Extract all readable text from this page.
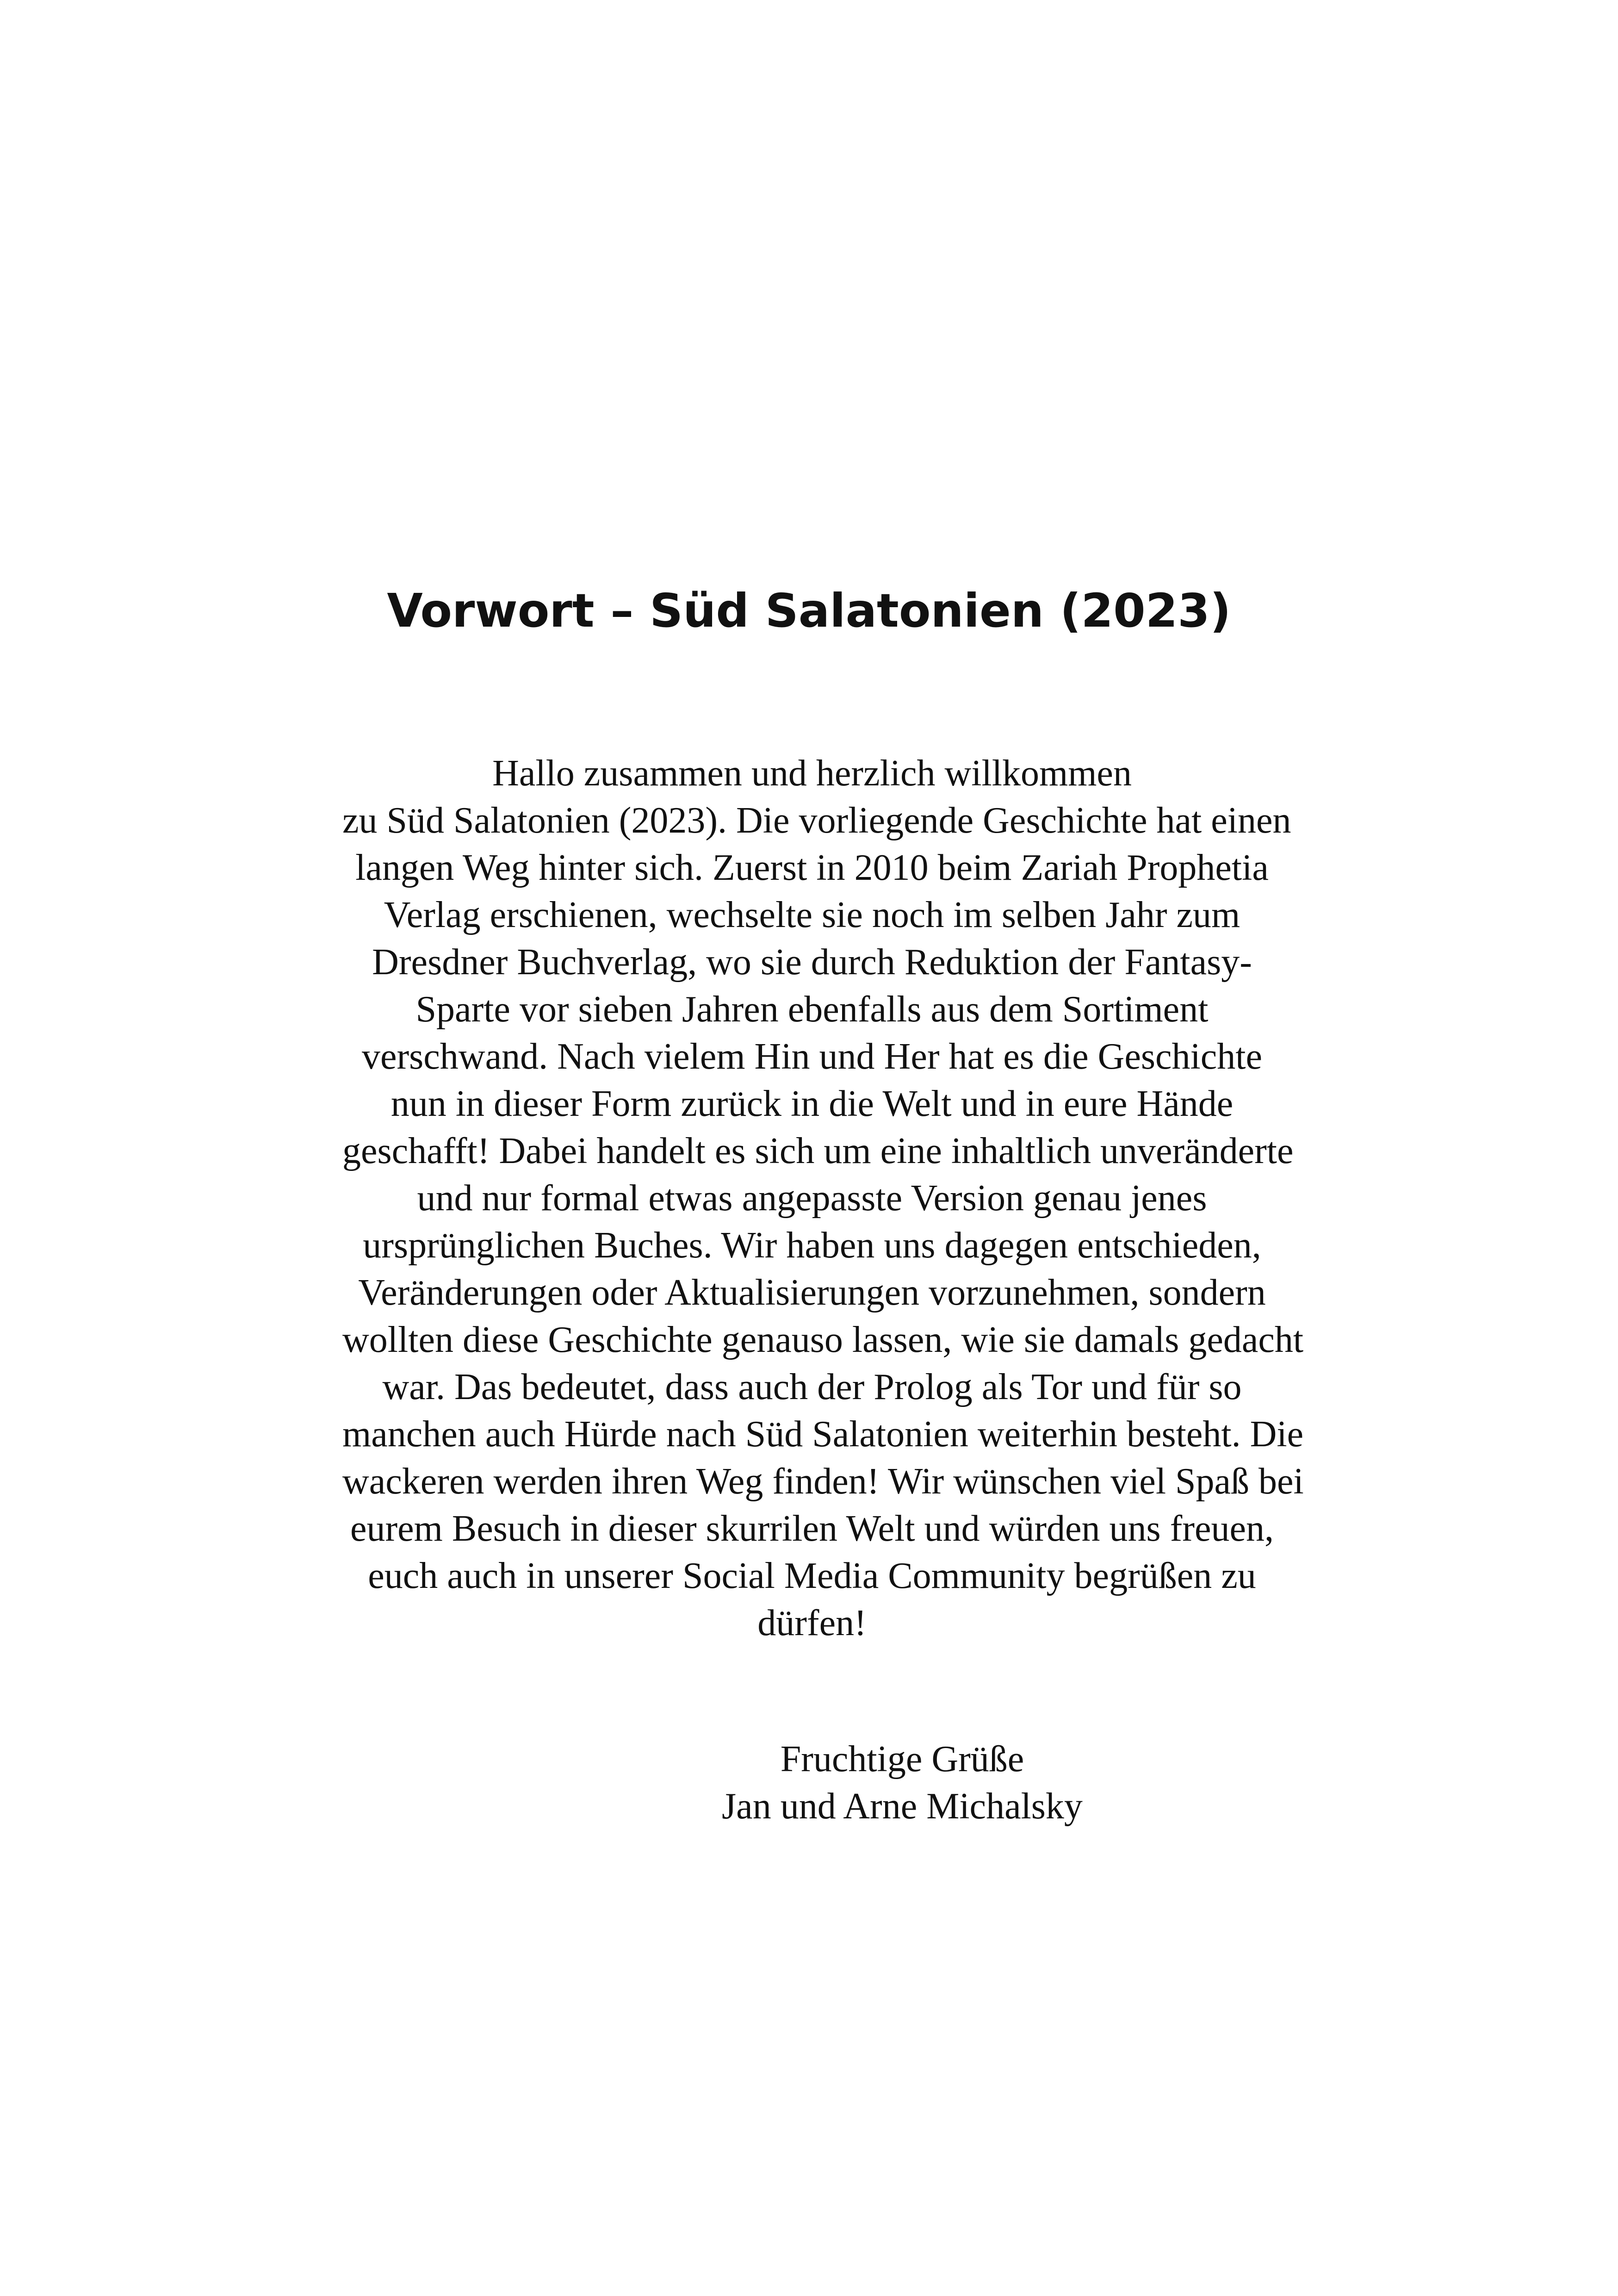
Vorwort – Süd Salatonien (2023)

Hallo zusammen und herzlich willkommen
zu Süd Salatonien (2023). Die vorliegende Geschichte hat einen
langen Weg hinter sich. Zuerst in 2010 beim Zariah Prophetia
Verlag erschienen, wechselte sie noch im selben Jahr zum
Dresdner Buchverlag, wo sie durch Reduktion der Fantasy-
Sparte vor sieben Jahren ebenfalls aus dem Sortiment
verschwand. Nach vielem Hin und Her hat es die Geschichte
nun in dieser Form zurück in die Welt und in eure Hände
geschafft! Dabei handelt es sich um eine inhaltlich unveränderte
und nur formal etwas angepasste Version genau jenes
ursprünglichen Buches. Wir haben uns dagegen entschieden,
Veränderungen oder Aktualisierungen vorzunehmen, sondern
wollten diese Geschichte genauso lassen, wie sie damals gedacht
war. Das bedeutet, dass auch der Prolog als Tor und für so
manchen auch Hürde nach Süd Salatonien weiterhin besteht. Die
wackeren werden ihren Weg finden! Wir wünschen viel Spaß bei
eurem Besuch in dieser skurrilen Welt und würden uns freuen,
euch auch in unserer Social Media Community begrüßen zu
dürfen!

Fruchtige Grüße
Jan und Arne Michalsky
